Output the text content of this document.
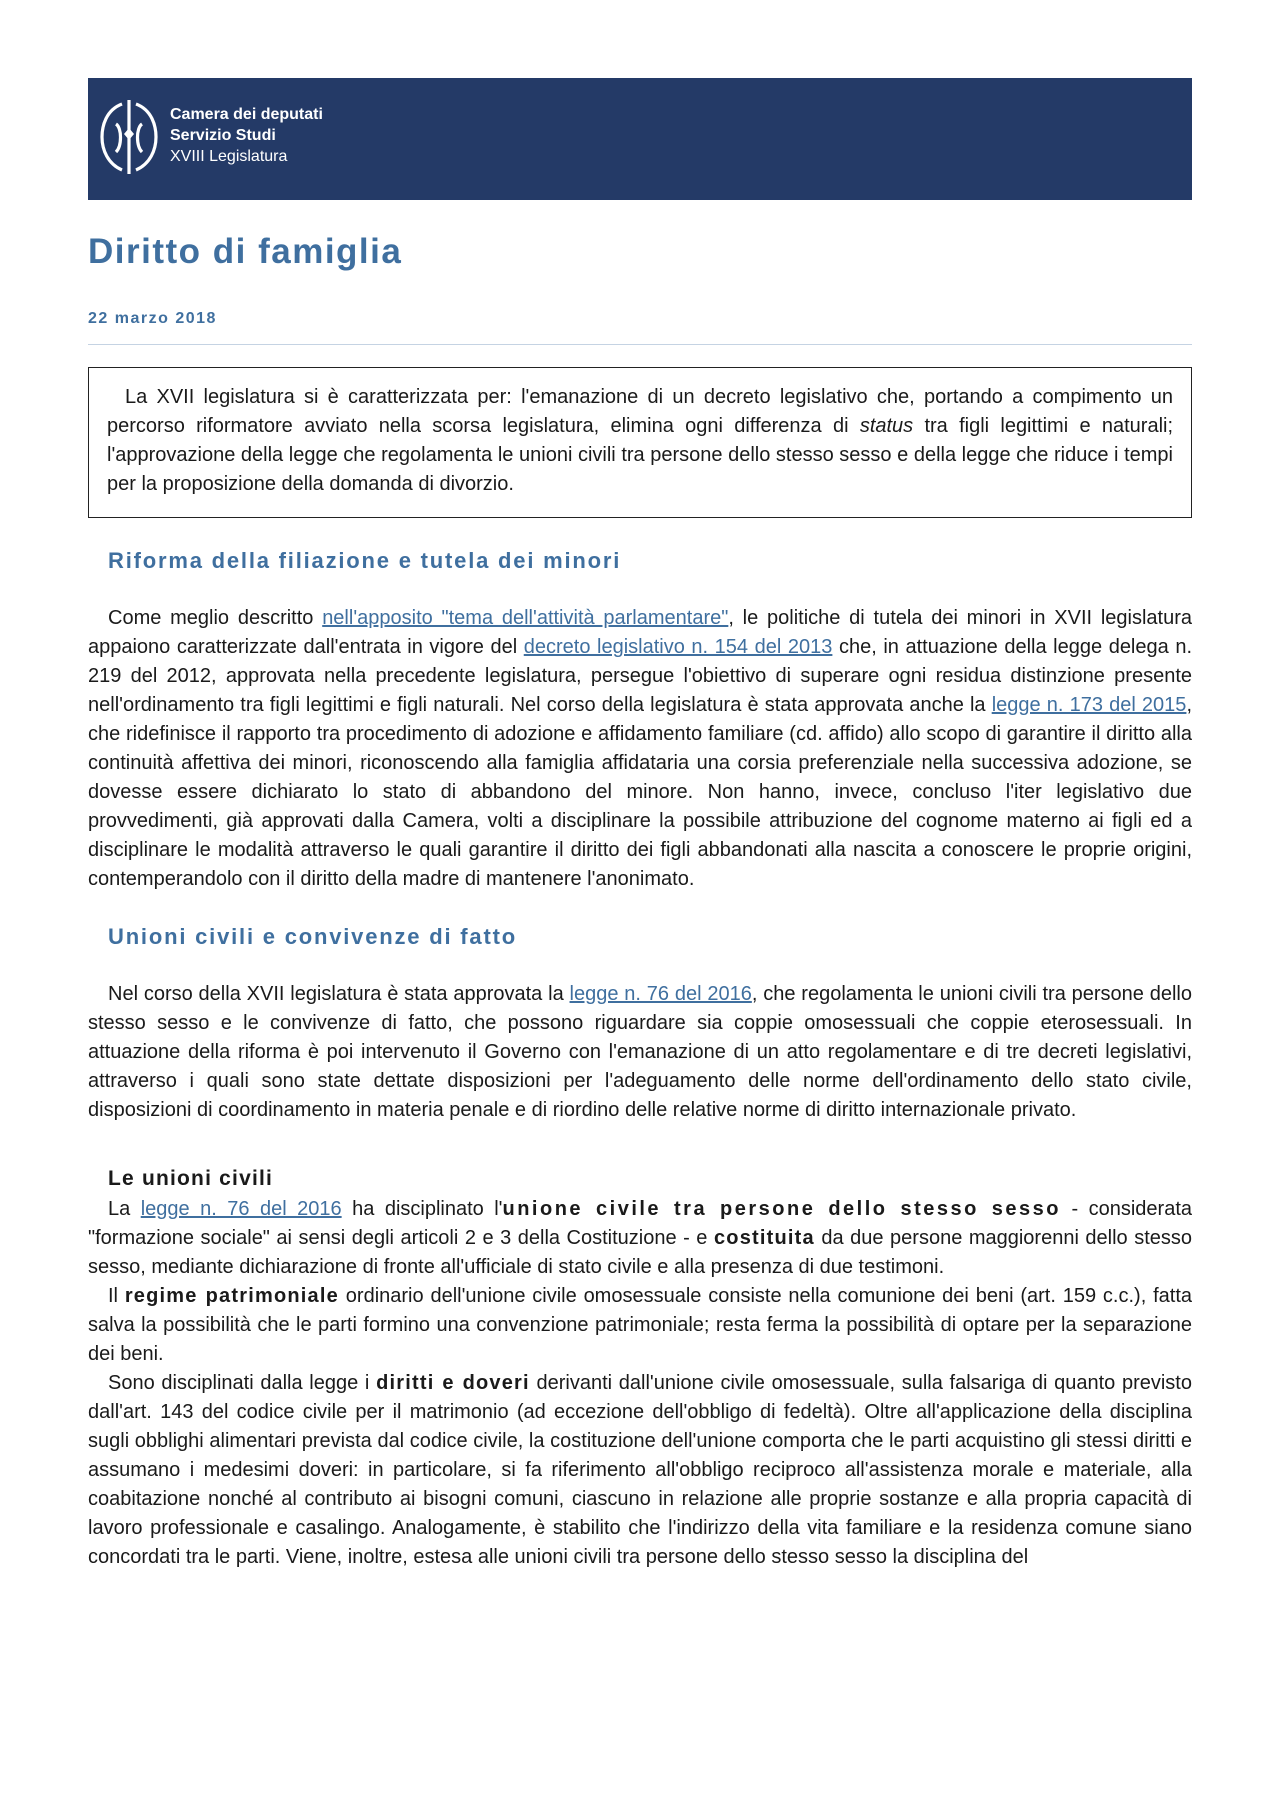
Camera dei deputati
Servizio Studi
XVIII Legislatura
Diritto di famiglia
22 marzo 2018
La XVII legislatura si è caratterizzata per: l'emanazione di un decreto legislativo che, portando a compimento un percorso riformatore avviato nella scorsa legislatura, elimina ogni differenza di status tra figli legittimi e naturali; l'approvazione della legge che regolamenta le unioni civili tra persone dello stesso sesso e della legge che riduce i tempi per la proposizione della domanda di divorzio.
Riforma della filiazione e tutela dei minori

Come meglio descritto nell'apposito "tema dell'attività parlamentare", le politiche di tutela dei minori in XVII legislatura appaiono caratterizzate dall'entrata in vigore del decreto legislativo n. 154 del 2013 che, in attuazione della legge delega n. 219 del 2012, approvata nella precedente legislatura, persegue l'obiettivo di superare ogni residua distinzione presente nell'ordinamento tra figli legittimi e figli naturali. Nel corso della legislatura è stata approvata anche la legge n. 173 del 2015, che ridefinisce il rapporto tra procedimento di adozione e affidamento familiare (cd. affido) allo scopo di garantire il diritto alla continuità affettiva dei minori, riconoscendo alla famiglia affidataria una corsia preferenziale nella successiva adozione, se dovesse essere dichiarato lo stato di abbandono del minore. Non hanno, invece, concluso l'iter legislativo due provvedimenti, già approvati dalla Camera, volti a disciplinare la possibile attribuzione del cognome materno ai figli ed a disciplinare le modalità attraverso le quali garantire il diritto dei figli abbandonati alla nascita a conoscere le proprie origini, contemperandolo con il diritto della madre di mantenere l'anonimato.

Unioni civili e convivenze di fatto

Nel corso della XVII legislatura è stata approvata la legge n. 76 del 2016, che regolamenta le unioni civili tra persone dello stesso sesso e le convivenze di fatto, che possono riguardare sia coppie omosessuali che coppie eterosessuali. In attuazione della riforma è poi intervenuto il Governo con l'emanazione di un atto regolamentare e di tre decreti legislativi, attraverso i quali sono state dettate disposizioni per l'adeguamento delle norme dell'ordinamento dello stato civile, disposizioni di coordinamento in materia penale e di riordino delle relative norme di diritto internazionale privato.

Le unioni civili

La legge n. 76 del 2016 ha disciplinato l'unione civile tra persone dello stesso sesso - considerata "formazione sociale" ai sensi degli articoli 2 e 3 della Costituzione - e costituita da due persone maggiorenni dello stesso sesso, mediante dichiarazione di fronte all'ufficiale di stato civile e alla presenza di due testimoni.

Il regime patrimoniale ordinario dell'unione civile omosessuale consiste nella comunione dei beni (art. 159 c.c.), fatta salva la possibilità che le parti formino una convenzione patrimoniale; resta ferma la possibilità di optare per la separazione dei beni.

Sono disciplinati dalla legge i diritti e doveri derivanti dall'unione civile omosessuale, sulla falsariga di quanto previsto dall'art. 143 del codice civile per il matrimonio (ad eccezione dell'obbligo di fedeltà). Oltre all'applicazione della disciplina sugli obblighi alimentari prevista dal codice civile, la costituzione dell'unione comporta che le parti acquistino gli stessi diritti e assumano i medesimi doveri: in particolare, si fa riferimento all'obbligo reciproco all'assistenza morale e materiale, alla coabitazione nonché al contributo ai bisogni comuni, ciascuno in relazione alle proprie sostanze e alla propria capacità di lavoro professionale e casalingo. Analogamente, è stabilito che l'indirizzo della vita familiare e la residenza comune siano concordati tra le parti. Viene, inoltre, estesa alle unioni civili tra persone dello stesso sesso la disciplina del
